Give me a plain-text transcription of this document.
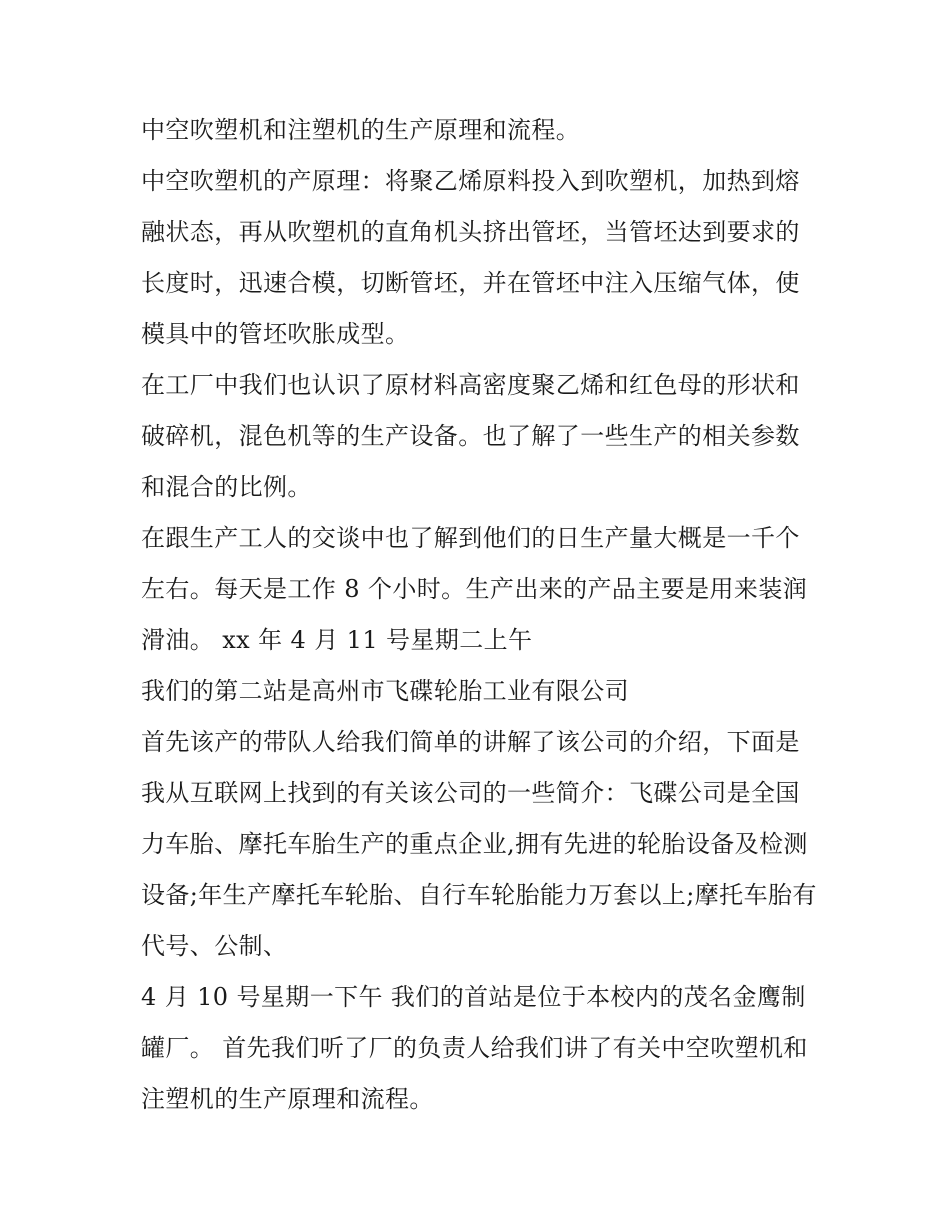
中空吹塑机和注塑机的生产原理和流程。

中空吹塑机的产原理：将聚乙烯原料投入到吹塑机，加热到熔融状态，再从吹塑机的直角机头挤出管坯，当管坯达到要求的长度时，迅速合模，切断管坯，并在管坯中注入压缩气体，使模具中的管坯吹胀成型。

在工厂中我们也认识了原材料高密度聚乙烯和红色母的形状和破碎机，混色机等的生产设备。也了解了一些生产的相关参数和混合的比例。

在跟生产工人的交谈中也了解到他们的日生产量大概是一千个左右。每天是工作 8 个小时。生产出来的产品主要是用来装润滑油。 xx 年 4 月 11 号星期二上午

我们的第二站是高州市飞碟轮胎工业有限公司

首先该产的带队人给我们简单的讲解了该公司的介绍，下面是我从互联网上找到的有关该公司的一些简介：飞碟公司是全国力车胎、摩托车胎生产的重点企业,拥有先进的轮胎设备及检测设备;年生产摩托车轮胎、自行车轮胎能力万套以上;摩托车胎有代号、公制、

4 月 10 号星期一下午 我们的首站是位于本校内的茂名金鹰制罐厂。 首先我们听了厂的负责人给我们讲了有关中空吹塑机和注塑机的生产原理和流程。
